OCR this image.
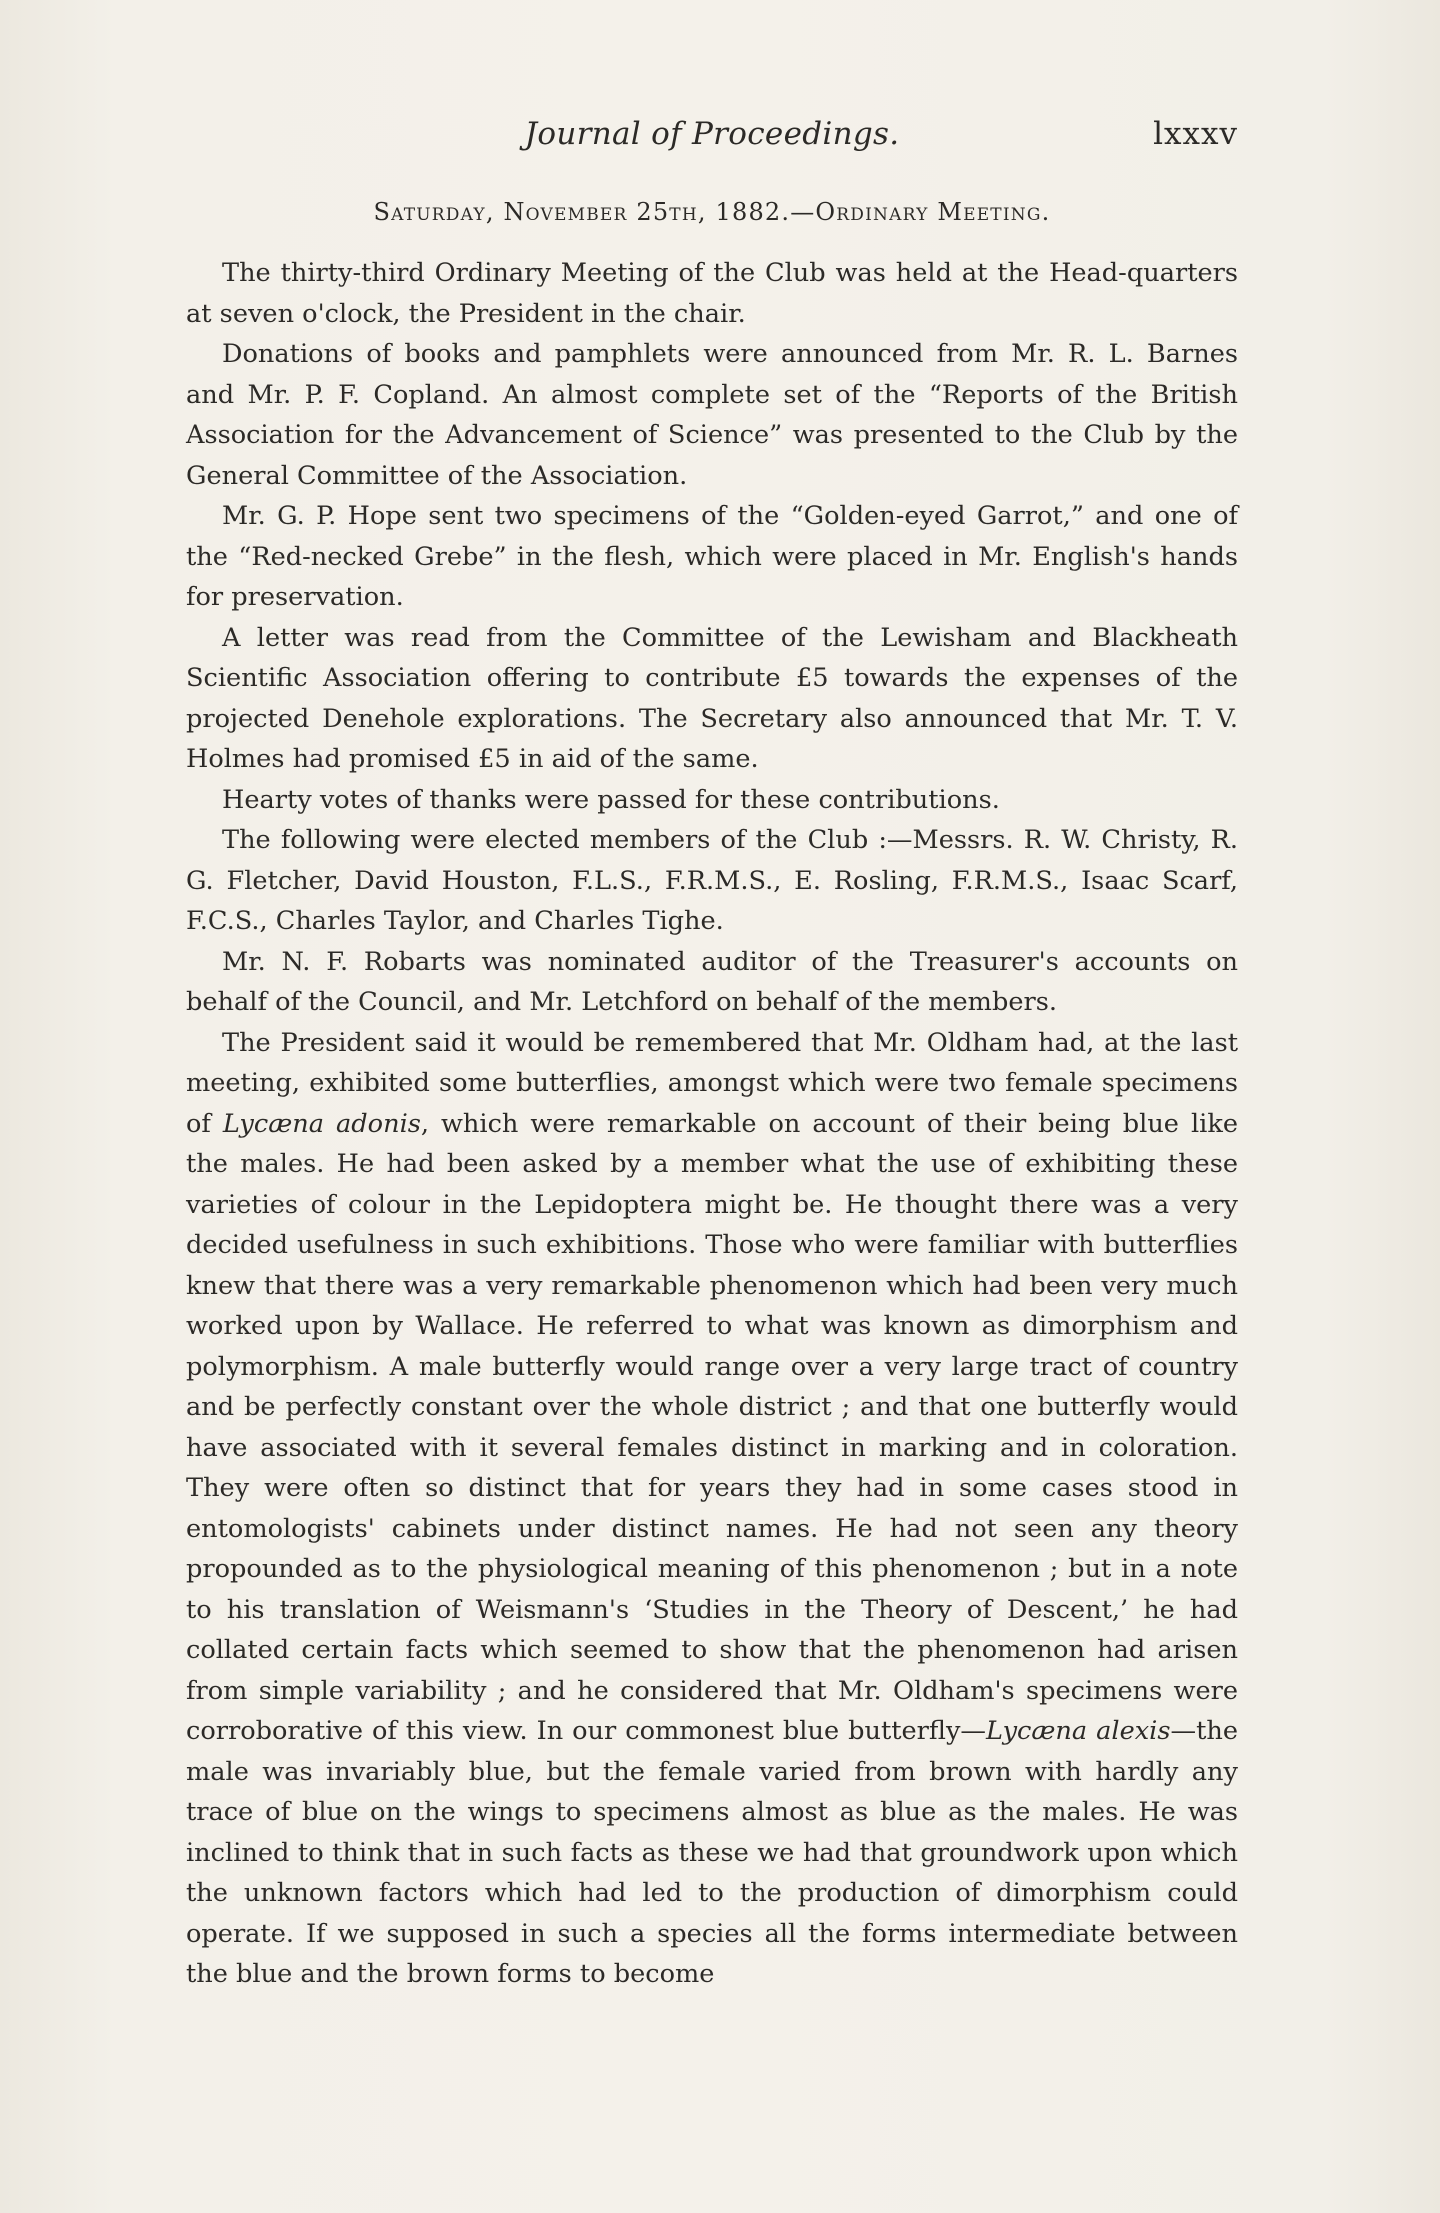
Journal of Proceedings.	lxxxv
Saturday, November 25th, 1882.—Ordinary Meeting.

The thirty-third Ordinary Meeting of the Club was held at the Head-quarters at seven o'clock, the President in the chair.

Donations of books and pamphlets were announced from Mr. R. L. Barnes and Mr. P. F. Copland. An almost complete set of the “Reports of the British Association for the Advancement of Science” was presented to the Club by the General Committee of the Association.

Mr. G. P. Hope sent two specimens of the “Golden-eyed Garrot,” and one of the “Red-necked Grebe” in the flesh, which were placed in Mr. English's hands for preservation.

A letter was read from the Committee of the Lewisham and Blackheath Scientific Association offering to contribute £5 towards the expenses of the projected Denehole explorations. The Secretary also announced that Mr. T. V. Holmes had promised £5 in aid of the same.

Hearty votes of thanks were passed for these contributions.

The following were elected members of the Club :—Messrs. R. W. Christy, R. G. Fletcher, David Houston, F.L.S., F.R.M.S., E. Rosling, F.R.M.S., Isaac Scarf, F.C.S., Charles Taylor, and Charles Tighe.

Mr. N. F. Robarts was nominated auditor of the Treasurer's accounts on behalf of the Council, and Mr. Letchford on behalf of the members.

The President said it would be remembered that Mr. Oldham had, at the last meeting, exhibited some butterflies, amongst which were two female specimens of Lycæna adonis, which were remarkable on account of their being blue like the males. He had been asked by a member what the use of exhibiting these varieties of colour in the Lepidoptera might be. He thought there was a very decided usefulness in such exhibitions. Those who were familiar with butterflies knew that there was a very remarkable phenomenon which had been very much worked upon by Wallace. He referred to what was known as dimorphism and polymorphism. A male butterfly would range over a very large tract of country and be perfectly constant over the whole district ; and that one butterfly would have associated with it several females distinct in marking and in coloration. They were often so distinct that for years they had in some cases stood in entomologists' cabinets under distinct names. He had not seen any theory propounded as to the physiological meaning of this phenomenon ; but in a note to his translation of Weismann's ‘Studies in the Theory of Descent,’ he had collated certain facts which seemed to show that the phenomenon had arisen from simple variability ; and he considered that Mr. Oldham's specimens were corroborative of this view. In our commonest blue butterfly—Lycæna alexis—the male was invariably blue, but the female varied from brown with hardly any trace of blue on the wings to specimens almost as blue as the males. He was inclined to think that in such facts as these we had that groundwork upon which the unknown factors which had led to the production of dimorphism could operate. If we supposed in such a species all the forms intermediate between the blue and the brown forms to become
